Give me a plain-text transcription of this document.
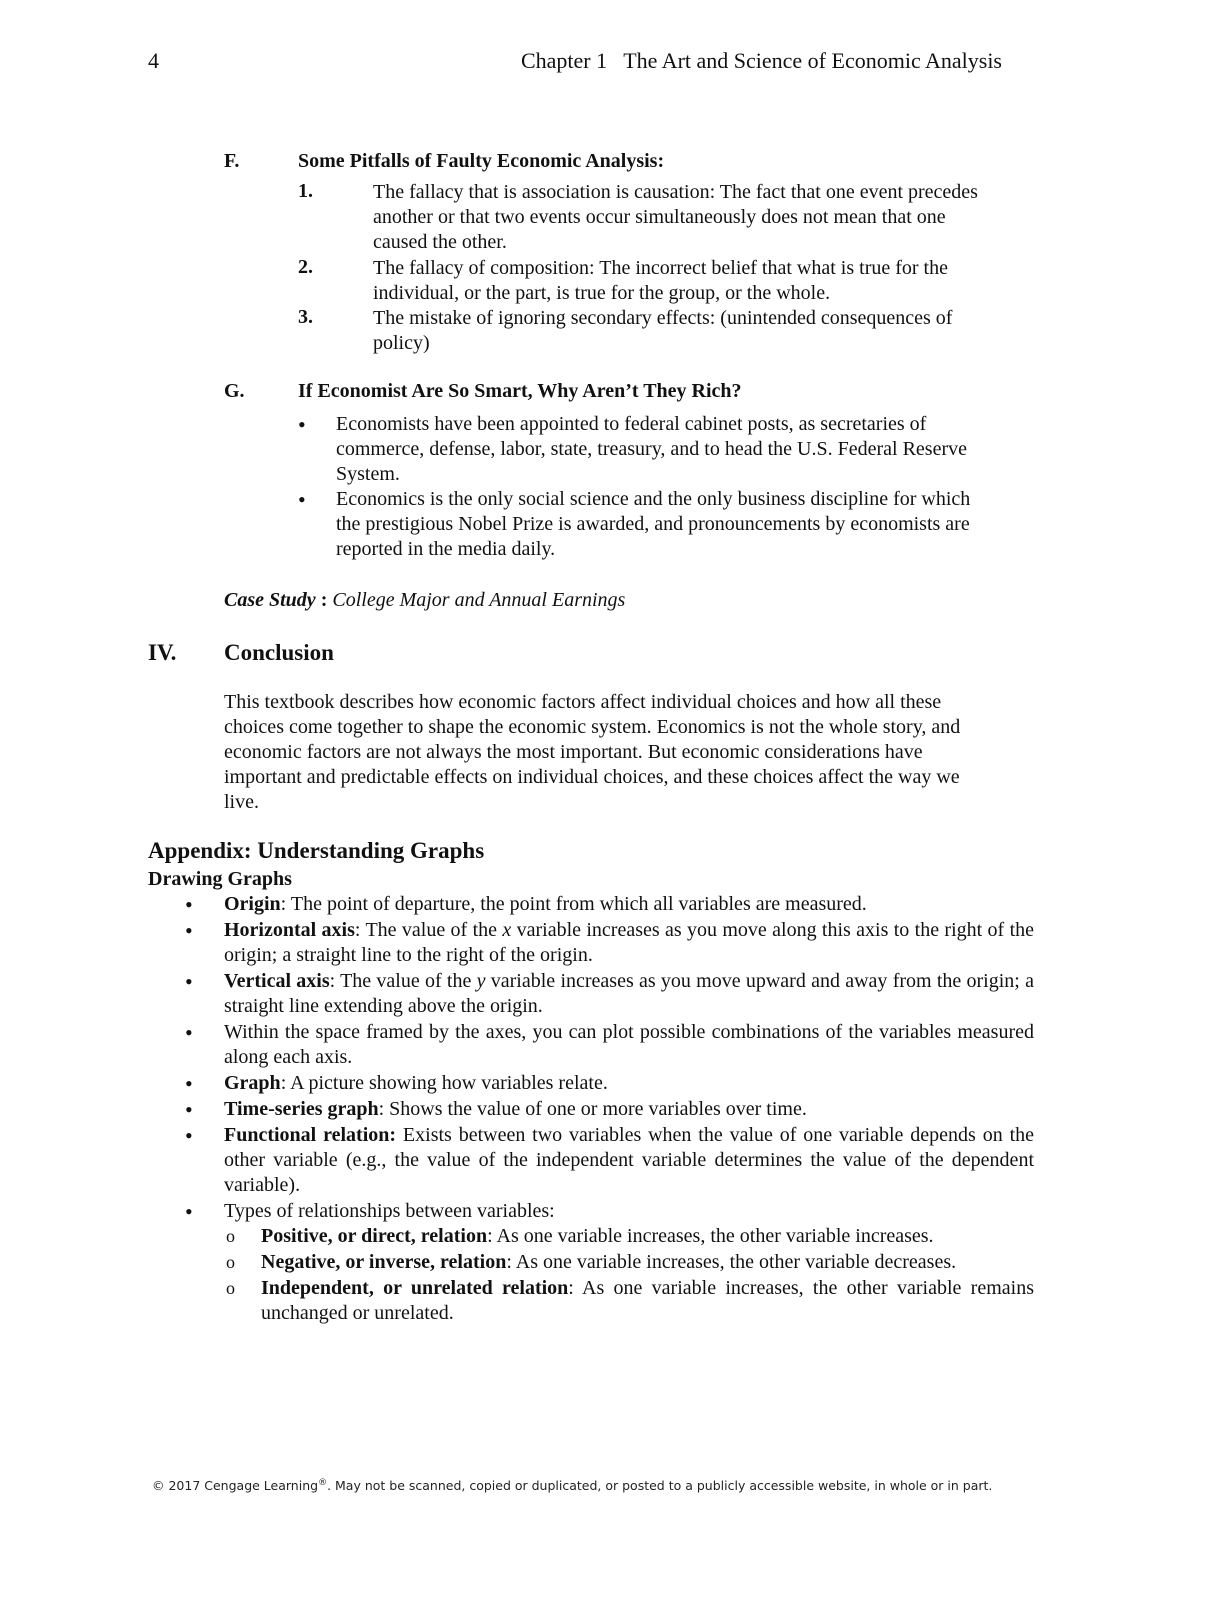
4	Chapter 1   The Art and Science of Economic Analysis
F.	Some Pitfalls of Faulty Economic Analysis:
1.	The fallacy that is association is causation: The fact that one event precedes
another or that two events occur simultaneously does not mean that one
caused the other.
2.	The fallacy of composition: The incorrect belief that what is true for the
individual, or the part, is true for the group, or the whole.
3.	The mistake of ignoring secondary effects: (unintended consequences of
policy)
G.	If Economist Are So Smart, Why Aren’t They Rich?
• Economists have been appointed to federal cabinet posts, as secretaries of
commerce, defense, labor, state, treasury, and to head the U.S. Federal Reserve
System.
• Economics is the only social science and the only business discipline for which
the prestigious Nobel Prize is awarded, and pronouncements by economists are
reported in the media daily.
Case Study : College Major and Annual Earnings
IV. Conclusion
This textbook describes how economic factors affect individual choices and how all these
choices come together to shape the economic system. Economics is not the whole story, and
economic factors are not always the most important. But economic considerations have
important and predictable effects on individual choices, and these choices affect the way we
live.
Appendix: Understanding Graphs
Drawing Graphs
• Origin: The point of departure, the point from which all variables are measured.
• Horizontal axis: The value of the x variable increases as you move along this axis to the right of the origin; a straight line to the right of the origin.
• Vertical axis: The value of the y variable increases as you move upward and away from the origin; a straight line extending above the origin.
• Within the space framed by the axes, you can plot possible combinations of the variables measured along each axis.
• Graph: A picture showing how variables relate.
• Time-series graph: Shows the value of one or more variables over time.
• Functional relation: Exists between two variables when the value of one variable depends on the other variable (e.g., the value of the independent variable determines the value of the dependent variable).
• Types of relationships between variables:
o Positive, or direct, relation: As one variable increases, the other variable increases.
o Negative, or inverse, relation: As one variable increases, the other variable decreases.
o Independent, or unrelated relation: As one variable increases, the other variable remains unchanged or unrelated.
© 2017 Cengage Learning®. May not be scanned, copied or duplicated, or posted to a publicly accessible website, in whole or in part.
